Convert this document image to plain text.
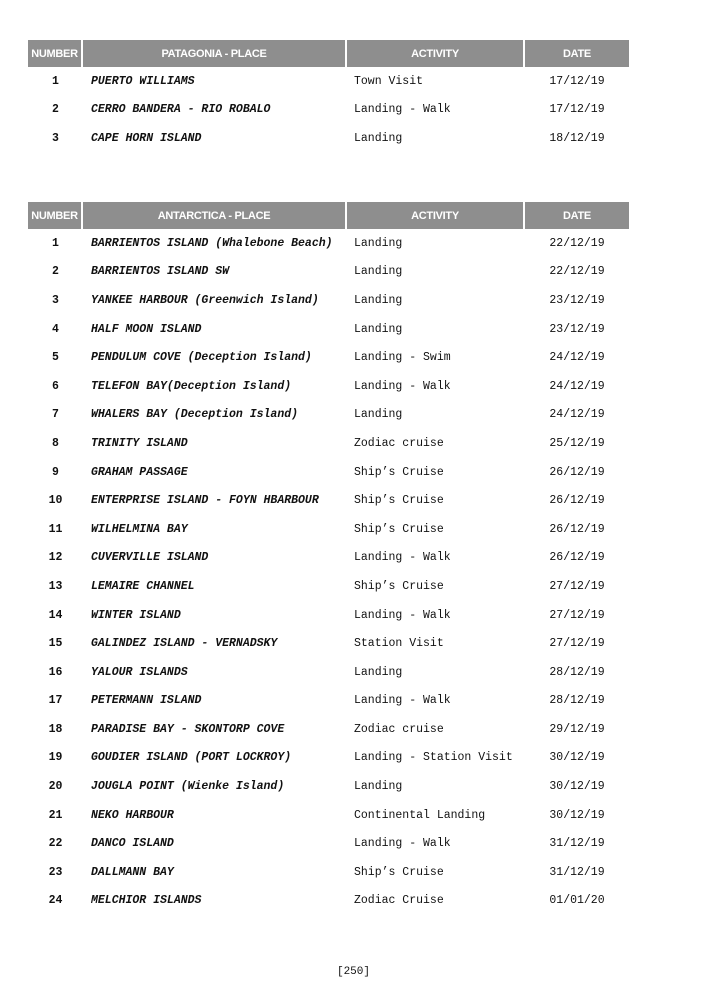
NUMBER	PATAGONIA - PLACE	ACTIVITY	DATE
1	PUERTO WILLIAMS	Town Visit	17/12/19
2	CERRO BANDERA - RIO ROBALO	Landing - Walk	17/12/19
3	CAPE HORN ISLAND	Landing	18/12/19
NUMBER	ANTARCTICA - PLACE	ACTIVITY	DATE
1	BARRIENTOS ISLAND (Whalebone Beach)	Landing	22/12/19
2	BARRIENTOS ISLAND SW	Landing	22/12/19
3	YANKEE HARBOUR (Greenwich Island)	Landing	23/12/19
4	HALF MOON ISLAND	Landing	23/12/19
5	PENDULUM COVE (Deception Island)	Landing - Swim	24/12/19
6	TELEFON BAY(Deception Island)	Landing - Walk	24/12/19
7	WHALERS BAY (Deception Island)	Landing	24/12/19
8	TRINITY ISLAND	Zodiac cruise	25/12/19
9	GRAHAM PASSAGE	Ship’s Cruise	26/12/19
10	ENTERPRISE ISLAND - FOYN HBARBOUR	Ship’s Cruise	26/12/19
11	WILHELMINA BAY	Ship’s Cruise	26/12/19
12	CUVERVILLE ISLAND	Landing - Walk	26/12/19
13	LEMAIRE CHANNEL	Ship’s Cruise	27/12/19
14	WINTER ISLAND	Landing - Walk	27/12/19
15	GALINDEZ ISLAND - VERNADSKY	Station Visit	27/12/19
16	YALOUR ISLANDS	Landing	28/12/19
17	PETERMANN ISLAND	Landing - Walk	28/12/19
18	PARADISE BAY - SKONTORP COVE	Zodiac cruise	29/12/19
19	GOUDIER ISLAND (PORT LOCKROY)	Landing - Station Visit	30/12/19
20	JOUGLA POINT (Wienke Island)	Landing	30/12/19
21	NEKO HARBOUR	Continental Landing	30/12/19
22	DANCO ISLAND	Landing - Walk	31/12/19
23	DALLMANN BAY	Ship’s Cruise	31/12/19
24	MELCHIOR ISLANDS	Zodiac Cruise	01/01/20
[250]
